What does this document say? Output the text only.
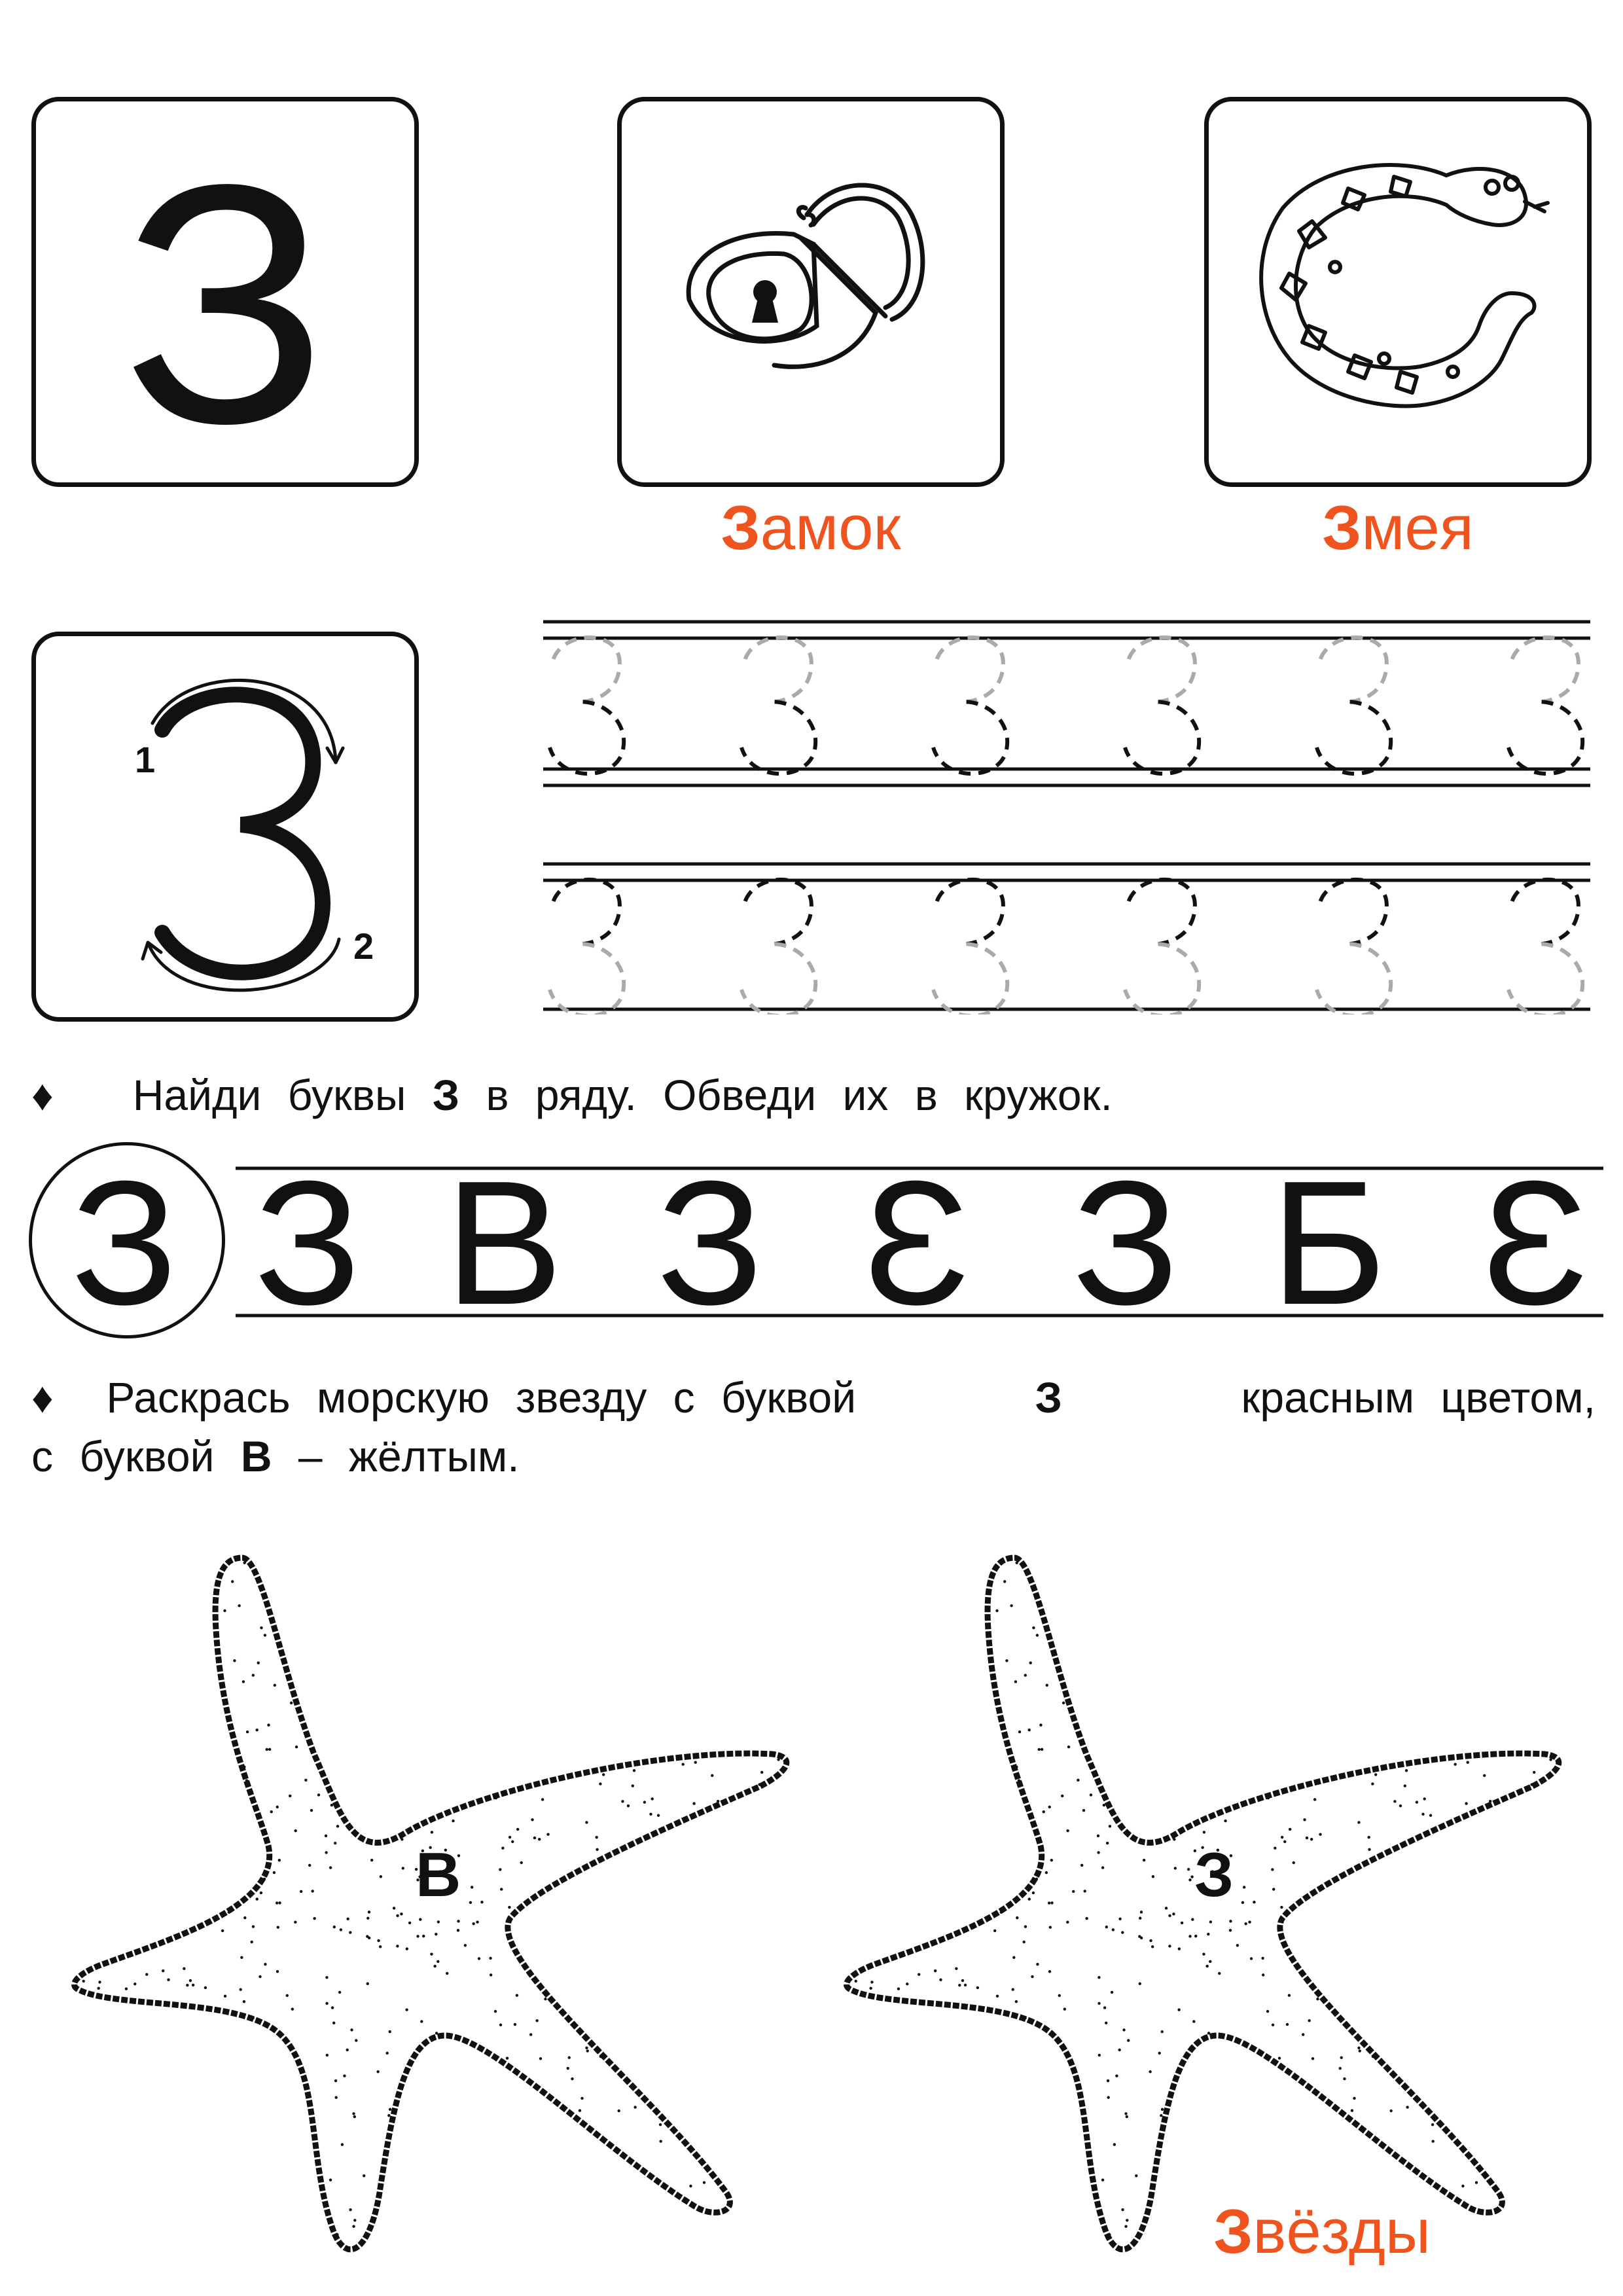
З
Замок	Змея
1
2
♦ Найди буквы З в ряду. Обведи их в кружок.
З З В З З З Б З
♦ Раскрась морскую звезду с буквой	З	красным цветом,
с буквой В – жёлтым.
В	З
Звёзды
